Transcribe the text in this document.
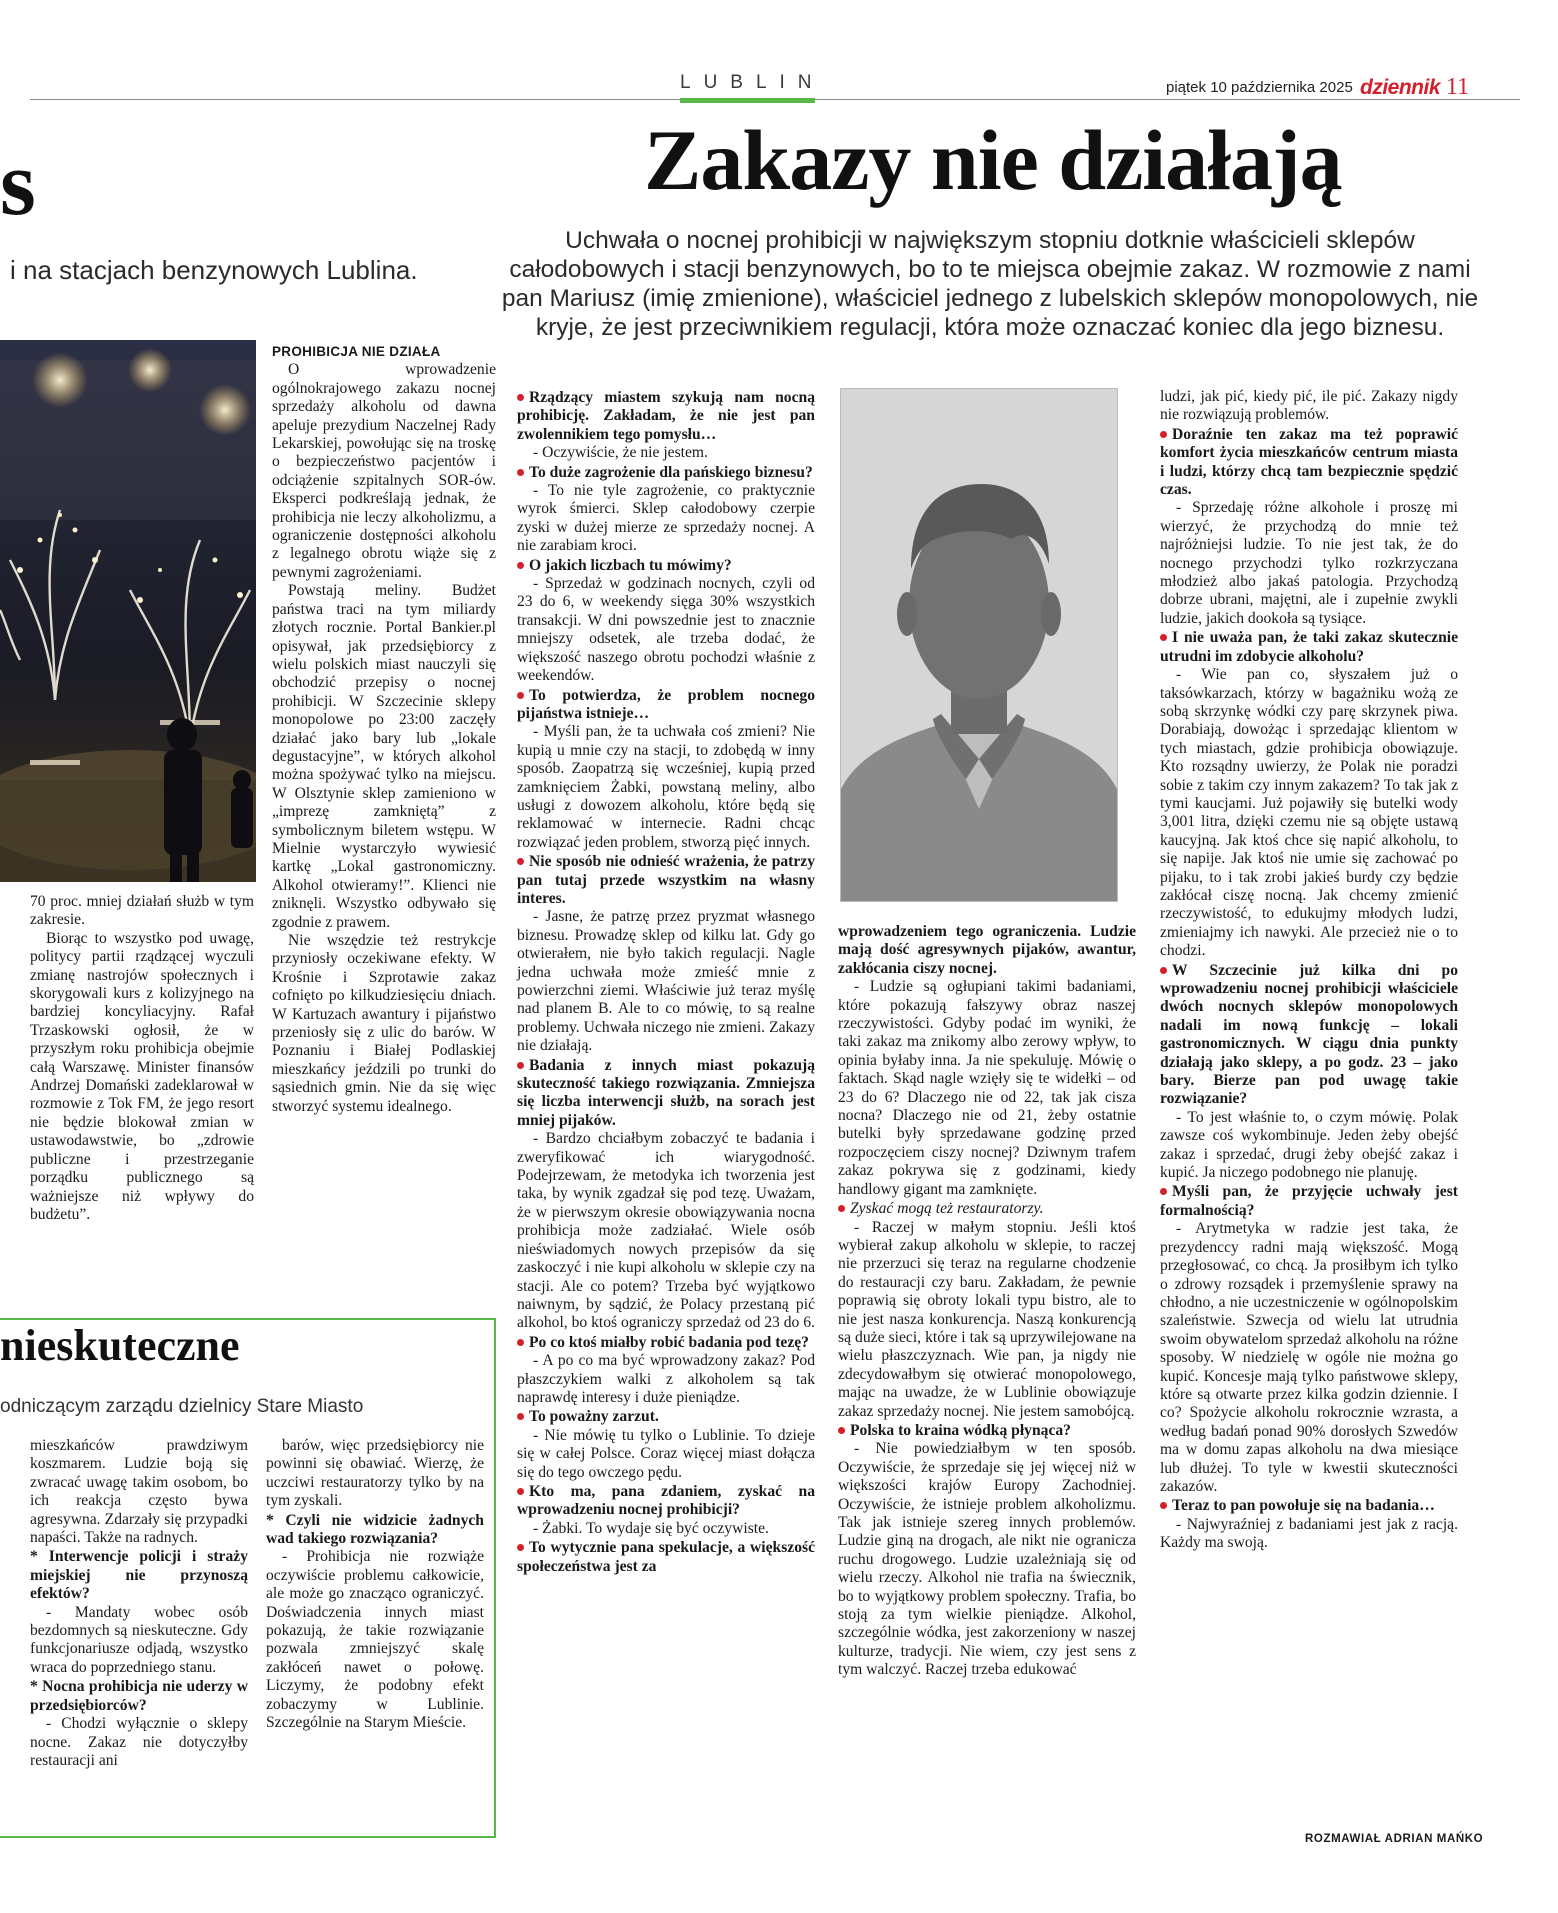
LUBLIN	piątek 10 października 2025 dziennik 11
s
i na stacjach benzynowych Lublina.

70 proc. mniej działań służb w tym zakresie.

Biorąc to wszystko pod uwagę, politycy partii rządzącej wyczuli zmianę nastrojów społecznych i skorygowali kurs z kolizyjnego na bardziej koncyliacyjny. Rafał Trzaskowski ogłosił, że w przyszłym roku prohibicja obejmie całą Warszawę. Minister finansów Andrzej Domański zadeklarował w rozmowie z Tok FM, że jego resort nie będzie blokował zmian w ustawodawstwie, bo „zdrowie publiczne i przestrzeganie porządku publicznego są ważniejsze niż wpływy do budżetu”.

PROHIBICJA NIE DZIAŁA

O wprowadzenie ogólnokrajowego zakazu nocnej sprzedaży alkoholu od dawna apeluje prezydium Naczelnej Rady Lekarskiej, powołując się na troskę o bezpieczeństwo pacjentów i odciążenie szpitalnych SOR-ów. Eksperci podkreślają jednak, że prohibicja nie leczy alkoholizmu, a ograniczenie dostępności alkoholu z legalnego obrotu wiąże się z pewnymi zagrożeniami.

Powstają meliny. Budżet państwa traci na tym miliardy złotych rocznie. Portal Bankier.pl opisywał, jak przedsiębiorcy z wielu polskich miast nauczyli się obchodzić przepisy o nocnej prohibicji. W Szczecinie sklepy monopolowe po 23:00 zaczęły działać jako bary lub „lokale degustacyjne”, w których alkohol można spożywać tylko na miejscu. W Olsztynie sklep zamieniono w „imprezę zamkniętą” z symbolicznym biletem wstępu. W Mielnie wystarczyło wywiesić kartkę „Lokal gastronomiczny. Alkohol otwieramy!”. Klienci nie zniknęli. Wszystko odbywało się zgodnie z prawem.

Nie wszędzie też restrykcje przyniosły oczekiwane efekty. W Krośnie i Szprotawie zakaz cofnięto po kilkudziesięciu dniach. W Kartuzach awantury i pijaństwo przeniosły się z ulic do barów. W Poznaniu i Białej Podlaskiej mieszkańcy jeździli po trunki do sąsiednich gmin. Nie da się więc stworzyć systemu idealnego.

nieskuteczne
odniczącym zarządu dzielnicy Stare Miasto

mieszkańców prawdziwym koszmarem. Ludzie boją się zwracać uwagę takim osobom, bo ich reakcja często bywa agresywna. Zdarzały się przypadki napaści. Także na radnych.

* Interwencje policji i straży miejskiej nie przynoszą efektów?

- Mandaty wobec osób bezdomnych są nieskuteczne. Gdy funkcjonariusze odjadą, wszystko wraca do poprzedniego stanu.

* Nocna prohibicja nie uderzy w przedsiębiorców?

- Chodzi wyłącznie o sklepy nocne. Zakaz nie dotyczyłby restauracji ani

barów, więc przedsiębiorcy nie powinni się obawiać. Wierzę, że uczciwi restauratorzy tylko by na tym zyskali.

* Czyli nie widzicie żadnych wad takiego rozwiązania?

- Prohibicja nie rozwiąże oczywiście problemu całkowicie, ale może go znacząco ograniczyć. Doświadczenia innych miast pokazują, że takie rozwiązanie pozwala zmniejszyć skalę zakłóceń nawet o połowę. Liczymy, że podobny efekt zobaczymy w Lublinie. Szczególnie na Starym Mieście.

Zakazy nie działają
Uchwała o nocnej prohibicji w największym stopniu dotknie właścicieli sklepów całodobowych i stacji benzynowych, bo to te miejsca obejmie zakaz. W rozmowie z nami pan Mariusz (imię zmienione), właściciel jednego z lubelskich sklepów monopolowych, nie kryje, że jest przeciwnikiem regulacji, która może oznaczać koniec dla jego biznesu.

Rządzący miastem szykują nam nocną prohibicję. Zakładam, że nie jest pan zwolennikiem tego pomysłu…

- Oczywiście, że nie jestem.

To duże zagrożenie dla pańskiego biznesu?

- To nie tyle zagrożenie, co praktycznie wyrok śmierci. Sklep całodobowy czerpie zyski w dużej mierze ze sprzedaży nocnej. A nie zarabiam kroci.

O jakich liczbach tu mówimy?

- Sprzedaż w godzinach nocnych, czyli od 23 do 6, w weekendy sięga 30% wszystkich transakcji. W dni powszednie jest to znacznie mniejszy odsetek, ale trzeba dodać, że większość naszego obrotu pochodzi właśnie z weekendów.

To potwierdza, że problem nocnego pijaństwa istnieje…

- Myśli pan, że ta uchwała coś zmieni? Nie kupią u mnie czy na stacji, to zdobędą w inny sposób. Zaopatrzą się wcześniej, kupią przed zamknięciem Żabki, powstaną meliny, albo usługi z dowozem alkoholu, które będą się reklamować w internecie. Radni chcąc rozwiązać jeden problem, stworzą pięć innych.

Nie sposób nie odnieść wrażenia, że patrzy pan tutaj przede wszystkim na własny interes.

- Jasne, że patrzę przez pryzmat własnego biznesu. Prowadzę sklep od kilku lat. Gdy go otwierałem, nie było takich regulacji. Nagle jedna uchwała może zmieść mnie z powierzchni ziemi. Właściwie już teraz myślę nad planem B. Ale to co mówię, to są realne problemy. Uchwała niczego nie zmieni. Zakazy nie działają.

Badania z innych miast pokazują skuteczność takiego rozwiązania. Zmniejsza się liczba interwencji służb, na sorach jest mniej pijaków.

- Bardzo chciałbym zobaczyć te badania i zweryfikować ich wiarygodność. Podejrzewam, że metodyka ich tworzenia jest taka, by wynik zgadzał się pod tezę. Uważam, że w pierwszym okresie obowiązywania nocna prohibicja może zadziałać. Wiele osób nieświadomych nowych przepisów da się zaskoczyć i nie kupi alkoholu w sklepie czy na stacji. Ale co potem? Trzeba być wyjątkowo naiwnym, by sądzić, że Polacy przestaną pić alkohol, bo ktoś ograniczy sprzedaż od 23 do 6.

Po co ktoś miałby robić badania pod tezę?

- A po co ma być wprowadzony zakaz? Pod płaszczykiem walki z alkoholem są tak naprawdę interesy i duże pieniądze.

To poważny zarzut.

- Nie mówię tu tylko o Lublinie. To dzieje się w całej Polsce. Coraz więcej miast dołącza się do tego owczego pędu.

Kto ma, pana zdaniem, zyskać na wprowadzeniu nocnej prohibicji?

- Żabki. To wydaje się być oczywiste.

To wytycznie pana spekulacje, a większość społeczeństwa jest za

wprowadzeniem tego ograniczenia. Ludzie mają dość agresywnych pijaków, awantur, zakłócania ciszy nocnej.

- Ludzie są ogłupiani takimi badaniami, które pokazują fałszywy obraz naszej rzeczywistości. Gdyby podać im wyniki, że taki zakaz ma znikomy albo zerowy wpływ, to opinia byłaby inna. Ja nie spekuluję. Mówię o faktach. Skąd nagle wzięły się te widełki – od 23 do 6? Dlaczego nie od 22, tak jak cisza nocna? Dlaczego nie od 21, żeby ostatnie butelki były sprzedawane godzinę przed rozpoczęciem ciszy nocnej? Dziwnym trafem zakaz pokrywa się z godzinami, kiedy handlowy gigant ma zamknięte.

Zyskać mogą też restauratorzy.

- Raczej w małym stopniu. Jeśli ktoś wybierał zakup alkoholu w sklepie, to raczej nie przerzuci się teraz na regularne chodzenie do restauracji czy baru. Zakładam, że pewnie poprawią się obroty lokali typu bistro, ale to nie jest nasza konkurencja. Naszą konkurencją są duże sieci, które i tak są uprzywilejowane na wielu płaszczyznach. Wie pan, ja nigdy nie zdecydowałbym się otwierać monopolowego, mając na uwadze, że w Lublinie obowiązuje zakaz sprzedaży nocnej. Nie jestem samobójcą.

Polska to kraina wódką płynąca?

- Nie powiedziałbym w ten sposób. Oczywiście, że sprzedaje się jej więcej niż w większości krajów Europy Zachodniej. Oczywiście, że istnieje problem alkoholizmu. Tak jak istnieje szereg innych problemów. Ludzie giną na drogach, ale nikt nie ogranicza ruchu drogowego. Ludzie uzależniają się od wielu rzeczy. Alkohol nie trafia na świecznik, bo to wyjątkowy problem społeczny. Trafia, bo stoją za tym wielkie pieniądze. Alkohol, szczególnie wódka, jest zakorzeniony w naszej kulturze, tradycji. Nie wiem, czy jest sens z tym walczyć. Raczej trzeba edukować

ludzi, jak pić, kiedy pić, ile pić. Zakazy nigdy nie rozwiązują problemów.

Doraźnie ten zakaz ma też poprawić komfort życia mieszkańców centrum miasta i ludzi, którzy chcą tam bezpiecznie spędzić czas.

- Sprzedaję różne alkohole i proszę mi wierzyć, że przychodzą do mnie też najróżniejsi ludzie. To nie jest tak, że do nocnego przychodzi tylko rozkrzyczana młodzież albo jakaś patologia. Przychodzą dobrze ubrani, majętni, ale i zupełnie zwykli ludzie, jakich dookoła są tysiące.

I nie uważa pan, że taki zakaz skutecznie utrudni im zdobycie alkoholu?

- Wie pan co, słyszałem już o taksówkarzach, którzy w bagażniku wożą ze sobą skrzynkę wódki czy parę skrzynek piwa. Dorabiają, dowożąc i sprzedając klientom w tych miastach, gdzie prohibicja obowiązuje. Kto rozsądny uwierzy, że Polak nie poradzi sobie z takim czy innym zakazem? To tak jak z tymi kaucjami. Już pojawiły się butelki wody 3,001 litra, dzięki czemu nie są objęte ustawą kaucyjną. Jak ktoś chce się napić alkoholu, to się napije. Jak ktoś nie umie się zachować po pijaku, to i tak zrobi jakieś burdy czy będzie zakłócał ciszę nocną. Jak chcemy zmienić rzeczywistość, to edukujmy młodych ludzi, zmieniajmy ich nawyki. Ale przecież nie o to chodzi.

W Szczecinie już kilka dni po wprowadzeniu nocnej prohibicji właściciele dwóch nocnych sklepów monopolowych nadali im nową funkcję – lokali gastronomicznych. W ciągu dnia punkty działają jako sklepy, a po godz. 23 – jako bary. Bierze pan pod uwagę takie rozwiązanie?

- To jest właśnie to, o czym mówię. Polak zawsze coś wykombinuje. Jeden żeby obejść zakaz i sprzedać, drugi żeby obejść zakaz i kupić. Ja niczego podobnego nie planuję.

Myśli pan, że przyjęcie uchwały jest formalnością?

- Arytmetyka w radzie jest taka, że prezydenccy radni mają większość. Mogą przegłosować, co chcą. Ja prosiłbym ich tylko o zdrowy rozsądek i przemyślenie sprawy na chłodno, a nie uczestniczenie w ogólnopolskim szaleństwie. Szwecja od wielu lat utrudnia swoim obywatelom sprzedaż alkoholu na różne sposoby. W niedzielę w ogóle nie można go kupić. Koncesje mają tylko państwowe sklepy, które są otwarte przez kilka godzin dziennie. I co? Spożycie alkoholu rokrocznie wzrasta, a według badań ponad 90% dorosłych Szwedów ma w domu zapas alkoholu na dwa miesiące lub dłużej. To tyle w kwestii skuteczności zakazów.

Teraz to pan powołuje się na badania…

- Najwyraźniej z badaniami jest jak z racją. Każdy ma swoją.

ROZMAWIAŁ ADRIAN MAŃKO
